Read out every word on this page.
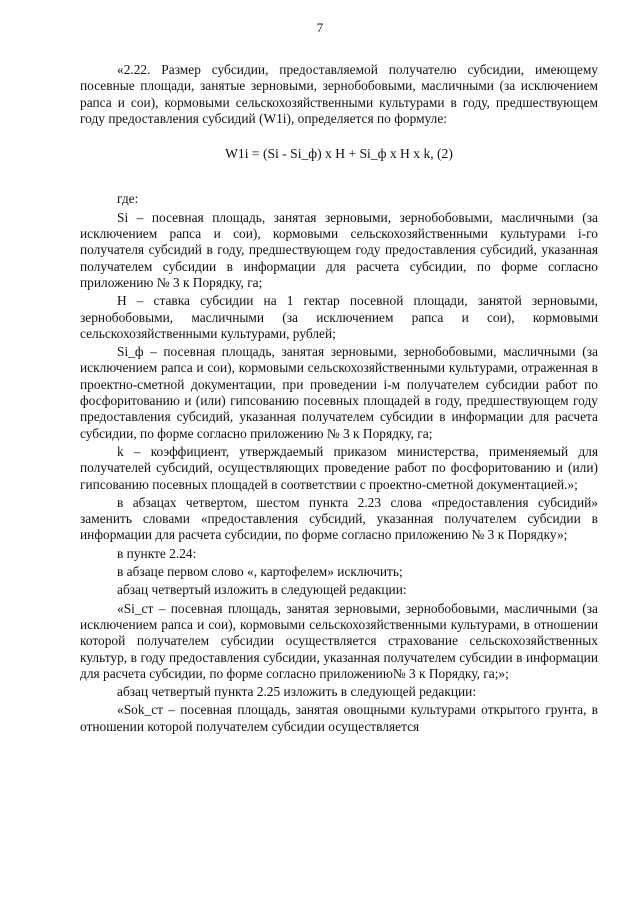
7

«2.22. Размер субсидии, предоставляемой получателю субсидии, имеющему посевные площади, занятые зерновыми, зернобобовыми, масличными (за исключением рапса и сои), кормовыми сельскохозяйственными культурами в году, предшествующем году предоставления субсидий (W1i), определяется по формуле:

W1i = (Si - Si_ф) x H + Si_ф x H x k, (2)

где:

Si – посевная площадь, занятая зерновыми, зернобобовыми, масличными (за исключением рапса и сои), кормовыми сельскохозяйственными культурами i-го получателя субсидий в году, предшествующем году предоставления субсидий, указанная получателем субсидии в информации для расчета субсидии, по форме согласно приложению № 3 к Порядку, га;

Н – ставка субсидии на 1 гектар посевной площади, занятой зерновыми, зернобобовыми, масличными (за исключением рапса и сои), кормовыми сельскохозяйственными культурами, рублей;

Si_ф – посевная площадь, занятая зерновыми, зернобобовыми, масличными (за исключением рапса и сои), кормовыми сельскохозяйственными культурами, отраженная в проектно-сметной документации, при проведении i-м получателем субсидии работ по фосфоритованию и (или) гипсованию посевных площадей в году, предшествующем году предоставления субсидий, указанная получателем субсидии в информации для расчета субсидии, по форме согласно приложению № 3 к Порядку, га;

k – коэффициент, утверждаемый приказом министерства, применяемый для получателей субсидий, осуществляющих проведение работ по фосфоритованию и (или) гипсованию посевных площадей в соответствии с проектно-сметной документацией.»;

в абзацах четвертом, шестом пункта 2.23 слова «предоставления субсидий» заменить словами «предоставления субсидий, указанная получателем субсидии в информации для расчета субсидии, по форме согласно приложению № 3 к Порядку»;

в пункте 2.24:

в абзаце первом слово «, картофелем» исключить;

абзац четвертый изложить в следующей редакции:

«Si_ст – посевная площадь, занятая зерновыми, зернобобовыми, масличными (за исключением рапса и сои), кормовыми сельскохозяйственными культурами, в отношении которой получателем субсидии осуществляется страхование сельскохозяйственных культур, в году предоставления субсидии, указанная получателем субсидии в информации для расчета субсидии, по форме согласно приложению№ 3 к Порядку, га;»;

абзац четвертый пункта 2.25 изложить в следующей редакции:

«Sok_ст – посевная площадь, занятая овощными культурами открытого грунта, в отношении которой получателем субсидии осуществляется
